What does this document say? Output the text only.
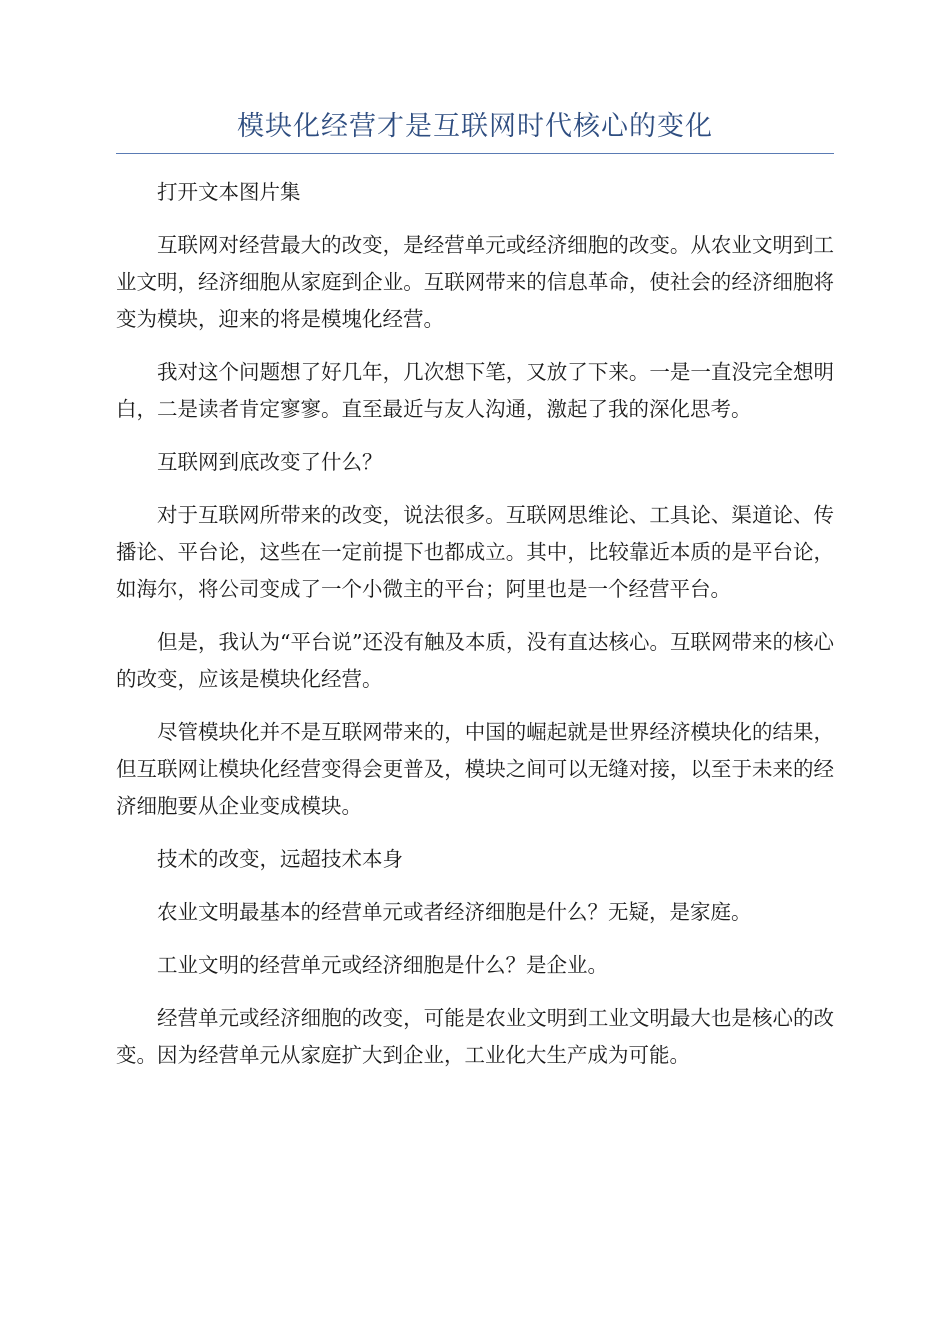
模块化经营才是互联网时代核心的变化

打开文本图片集

互联网对经营最大的改变，是经营单元或经济细胞的改变。从农业文明到工业文明，经济细胞从家庭到企业。互联网带来的信息革命，使社会的经济细胞将变为模块，迎来的将是模塊化经营。

我对这个问题想了好几年，几次想下笔，又放了下来。一是一直没完全想明白，二是读者肯定寥寥。直至最近与友人沟通，激起了我的深化思考。

互联网到底改变了什么？

对于互联网所带来的改变，说法很多。互联网思维论、工具论、渠道论、传播论、平台论，这些在一定前提下也都成立。其中，比较靠近本质的是平台论，如海尔，将公司变成了一个小微主的平台；阿里也是一个经营平台。

但是，我认为“平台说”还没有触及本质，没有直达核心。互联网带来的核心的改变，应该是模块化经营。

尽管模块化并不是互联网带来的，中国的崛起就是世界经济模块化的结果，但互联网让模块化经营变得会更普及，模块之间可以无缝对接，以至于未来的经济细胞要从企业变成模块。

技术的改变，远超技术本身

农业文明最基本的经营单元或者经济细胞是什么？无疑，是家庭。

工业文明的经营单元或经济细胞是什么？是企业。

经营单元或经济细胞的改变，可能是农业文明到工业文明最大也是核心的改变。因为经营单元从家庭扩大到企业，工业化大生产成为可能。
